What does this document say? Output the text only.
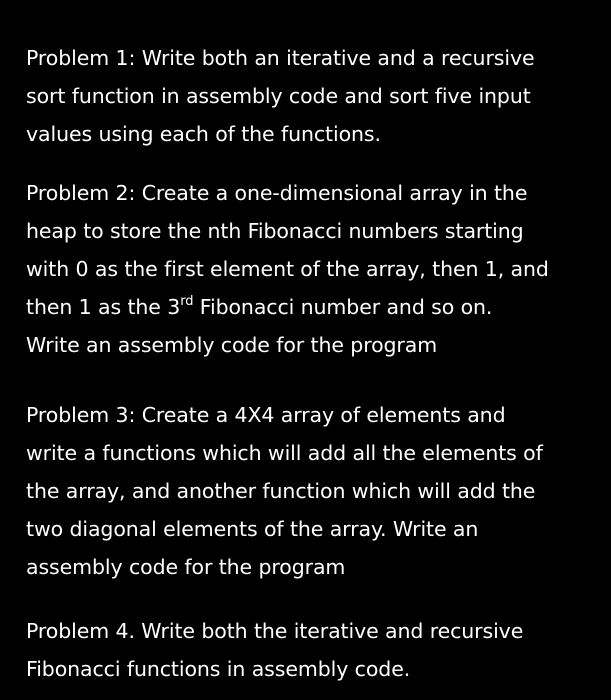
Problem 1: Write both an iterative and a recursive
sort function in assembly code and sort five input
values using each of the functions.

Problem 2: Create a one-dimensional array in the
heap to store the nth Fibonacci numbers starting
with 0 as the first element of the array, then 1, and
then 1 as the 3rd Fibonacci number and so on.
Write an assembly code for the program

Problem 3: Create a 4X4 array of elements and
write a functions which will add all the elements of
the array, and another function which will add the
two diagonal elements of the array. Write an
assembly code for the program

Problem 4. Write both the iterative and recursive
Fibonacci functions in assembly code.
